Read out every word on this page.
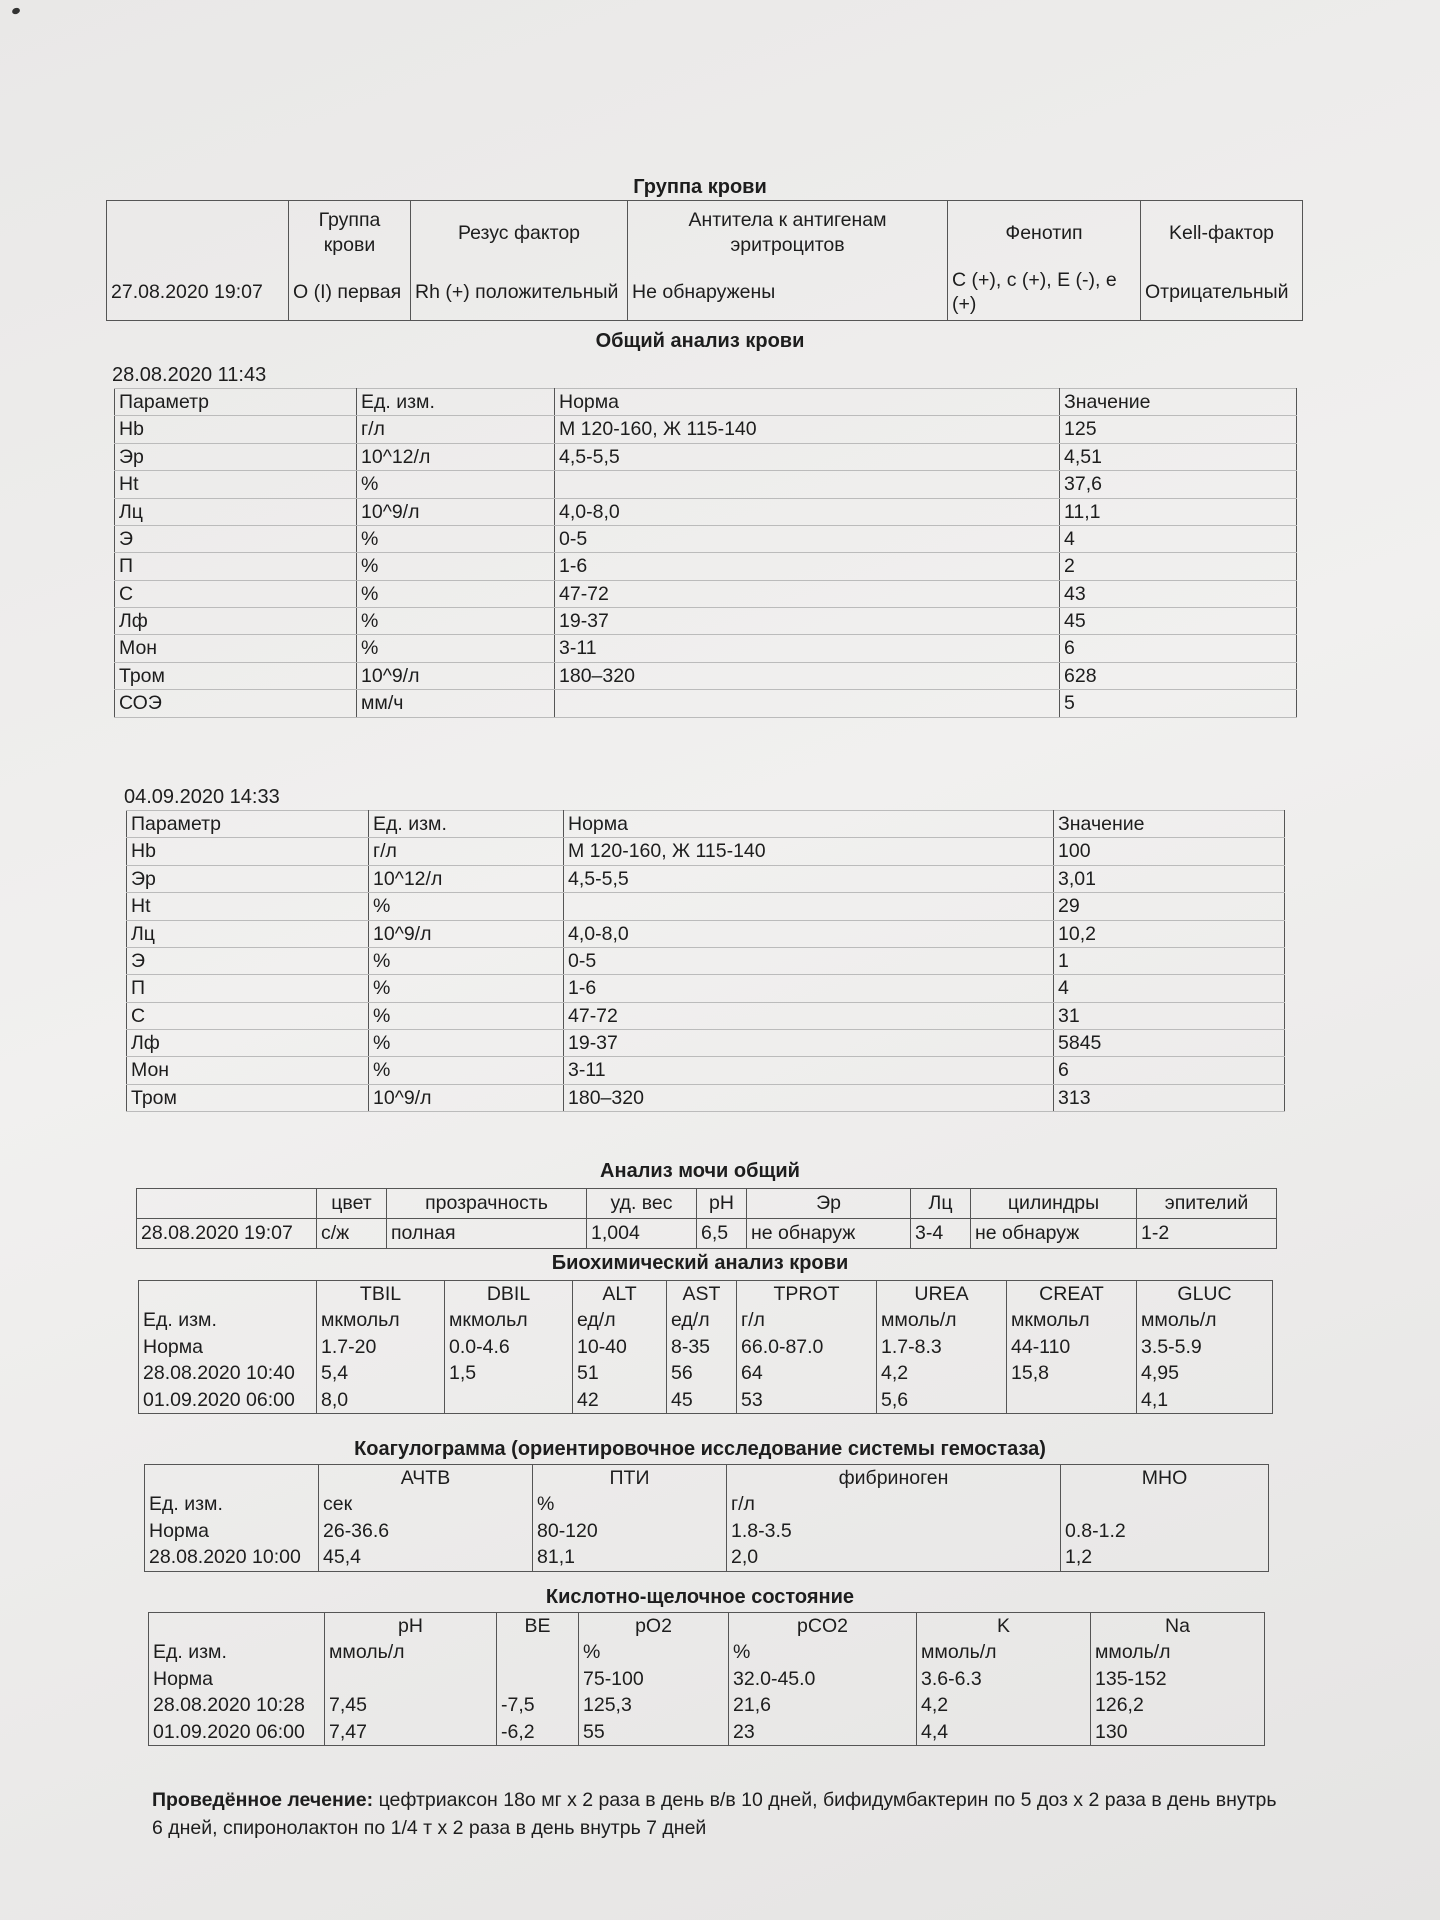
Группа крови
	Группа крови	Резус фактор	Антитела к антигенам эритроцитов	Фенотип	Kell-фактор
27.08.2020 19:07	О (I) первая	Rh (+) положительный	Не обнаружены	С (+), с (+), Е (-), е (+)	Отрицательный
Общий анализ крови
28.08.2020 11:43
Параметр	Ед. изм.	Норма	Значение
Hb	г/л	М 120-160, Ж 115-140	125
Эр	10^12/л	4,5-5,5	4,51
Ht	%		37,6
Лц	10^9/л	4,0-8,0	11,1
Э	%	0-5	4
П	%	1-6	2
С	%	47-72	43
Лф	%	19-37	45
Мон	%	3-11	6
Тром	10^9/л	180–320	628
СОЭ	мм/ч		5
04.09.2020 14:33
Параметр	Ед. изм.	Норма	Значение
Hb	г/л	М 120-160, Ж 115-140	100
Эр	10^12/л	4,5-5,5	3,01
Ht	%		29
Лц	10^9/л	4,0-8,0	10,2
Э	%	0-5	1
П	%	1-6	4
С	%	47-72	31
Лф	%	19-37	5845
Мон	%	3-11	6
Тром	10^9/л	180–320	313
Анализ мочи общий
	цвет	прозрачность	уд. вес	pH	Эр	Лц	цилиндры	эпителий
28.08.2020 19:07	с/ж	полная	1,004	6,5	не обнаруж	3-4	не обнаруж	1-2
Биохимический анализ крови
	TBIL	DBIL	ALT	AST	TPROT	UREA	CREAT	GLUC
Ед. изм.	мкмольл	мкмольл	ед/л	ед/л	г/л	ммоль/л	мкмольл	ммоль/л
Норма	1.7-20	0.0-4.6	10-40	8-35	66.0-87.0	1.7-8.3	44-110	3.5-5.9
28.08.2020 10:40	5,4	1,5	51	56	64	4,2	15,8	4,95
01.09.2020 06:00	8,0		42	45	53	5,6		4,1
Коагулограмма (ориентировочное исследование системы гемостаза)
	АЧТВ	ПТИ	фибриноген	МНО
Ед. изм.	сек	%	г/л	
Норма	26-36.6	80-120	1.8-3.5	0.8-1.2
28.08.2020 10:00	45,4	81,1	2,0	1,2
Кислотно-щелочное состояние
	pH	BE	pO2	pCO2	K	Na
Ед. изм.	ммоль/л		%	%	ммоль/л	ммоль/л
Норма			75-100	32.0-45.0	3.6-6.3	135-152
28.08.2020 10:28	7,45	-7,5	125,3	21,6	4,2	126,2
01.09.2020 06:00	7,47	-6,2	55	23	4,4	130
Проведённое лечение: цефтриаксон 18о мг х 2 раза в день в/в 10 дней, бифидумбактерин по 5 доз х 2 раза в день внутрь 6 дней, спиронолактон по 1/4 т х 2 раза в день внутрь 7 дней
